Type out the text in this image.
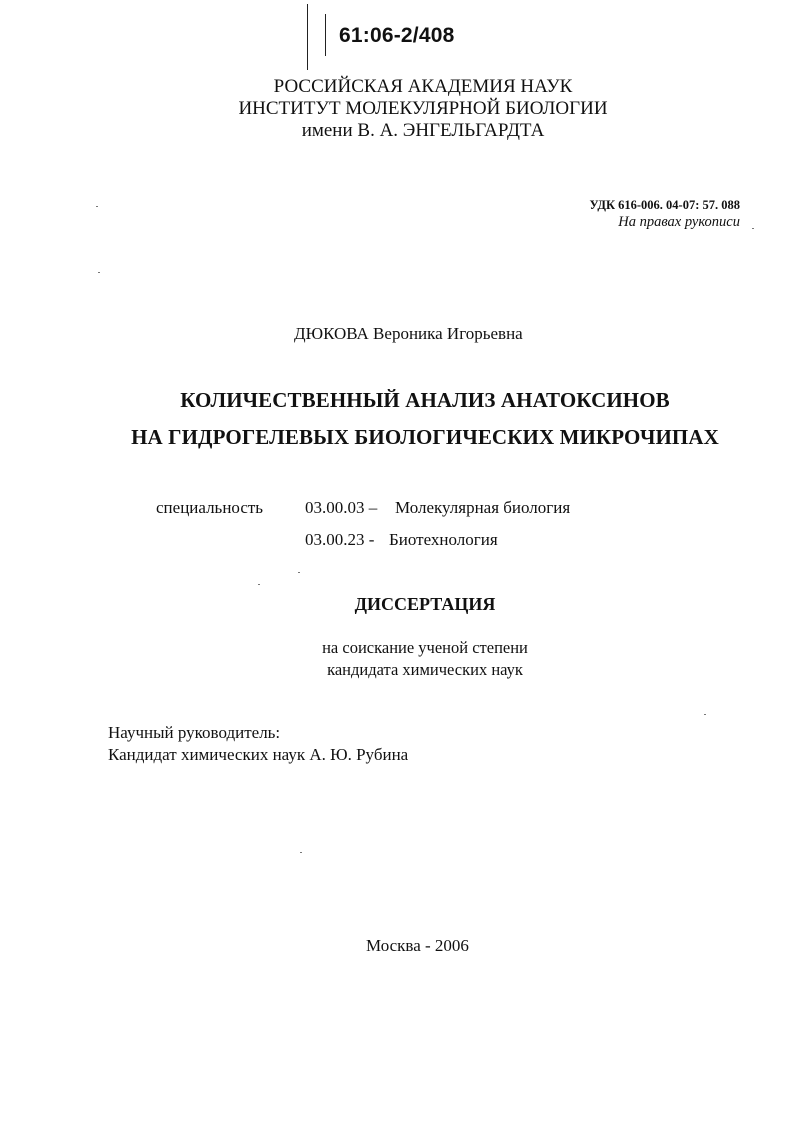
61:06-2/408
РОССИЙСКАЯ АКАДЕМИЯ НАУК
ИНСТИТУТ МОЛЕКУЛЯРНОЙ БИОЛОГИИ
имени В. А. ЭНГЕЛЬГАРДТА
УДК 616-006. 04-07: 57. 088
На правах рукописи
ДЮКОВА Вероника Игорьевна
КОЛИЧЕСТВЕННЫЙ АНАЛИЗ АНАТОКСИНОВ
НА ГИДРОГЕЛЕВЫХ БИОЛОГИЧЕСКИХ МИКРОЧИПАХ
специальность 03.00.03 – Молекулярная биология
03.00.23 - Биотехнология
ДИССЕРТАЦИЯ
на соискание ученой степени
кандидата химических наук
Научный руководитель:
Кандидат химических наук А. Ю. Рубина
Москва - 2006
